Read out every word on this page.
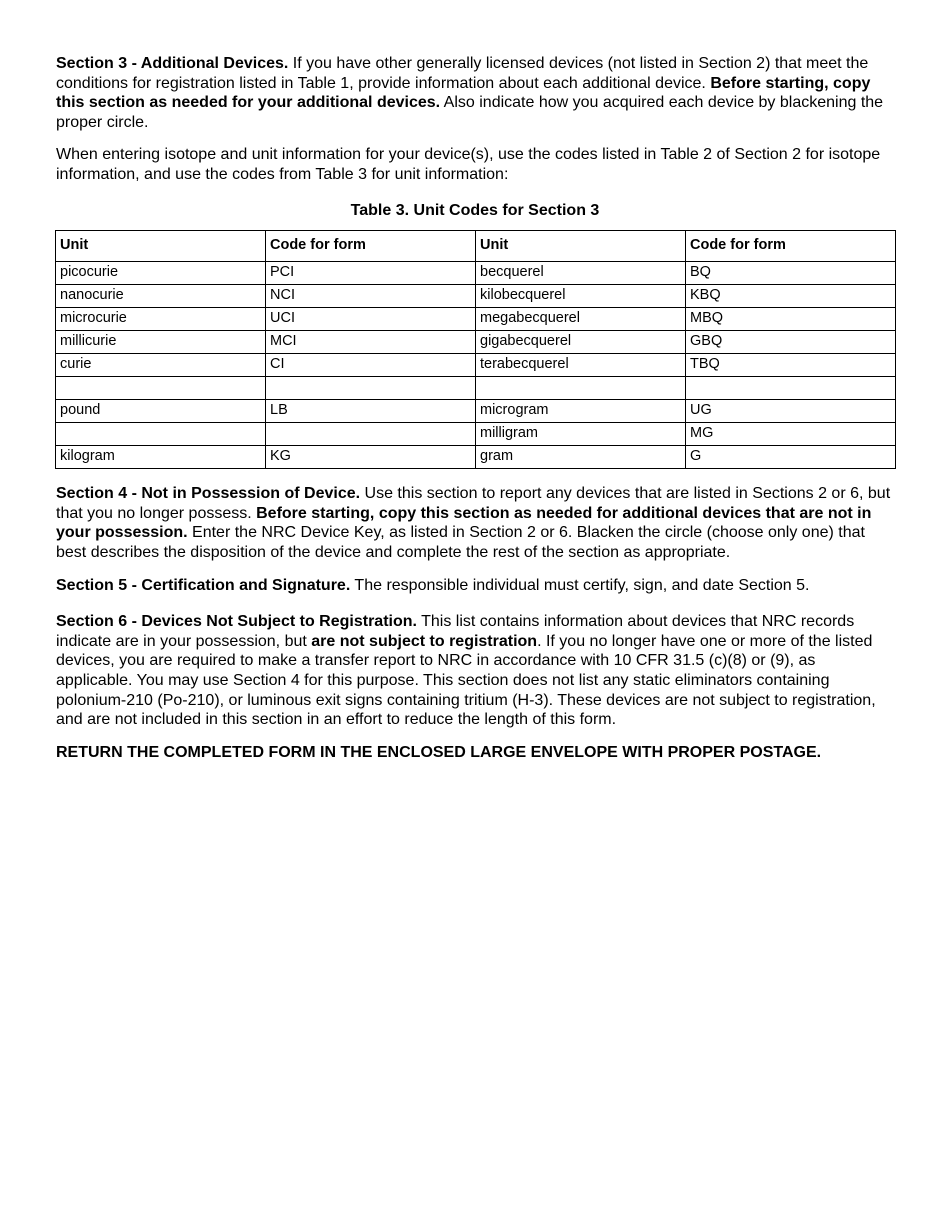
Section 3 - Additional Devices. If you have other generally licensed devices (not listed in Section 2) that meet the conditions for registration listed in Table 1, provide information about each additional device. Before starting, copy this section as needed for your additional devices. Also indicate how you acquired each device by blackening the proper circle.

When entering isotope and unit information for your device(s), use the codes listed in Table 2 of Section 2 for isotope information, and use the codes from Table 3 for unit information:

Table 3. Unit Codes for Section 3
Unit	Code for form	Unit	Code for form
picocurie	PCI	becquerel	BQ
nanocurie	NCI	kilobecquerel	KBQ
microcurie	UCI	megabecquerel	MBQ
millicurie	MCI	gigabecquerel	GBQ
curie	CI	terabecquerel	TBQ

pound	LB	microgram	UG
		milligram	MG
kilogram	KG	gram	G

Section 4 - Not in Possession of Device. Use this section to report any devices that are listed in Sections 2 or 6, but that you no longer possess. Before starting, copy this section as needed for additional devices that are not in your possession. Enter the NRC Device Key, as listed in Section 2 or 6. Blacken the circle (choose only one) that best describes the disposition of the device and complete the rest of the section as appropriate.

Section 5 - Certification and Signature. The responsible individual must certify, sign, and date Section 5.

Section 6 - Devices Not Subject to Registration. This list contains information about devices that NRC records indicate are in your possession, but are not subject to registration. If you no longer have one or more of the listed devices, you are required to make a transfer report to NRC in accordance with 10 CFR 31.5 (c)(8) or (9), as applicable. You may use Section 4 for this purpose. This section does not list any static eliminators containing polonium-210 (Po-210), or luminous exit signs containing tritium (H-3). These devices are not subject to registration, and are not included in this section in an effort to reduce the length of this form.

RETURN THE COMPLETED FORM IN THE ENCLOSED LARGE ENVELOPE WITH PROPER POSTAGE.
